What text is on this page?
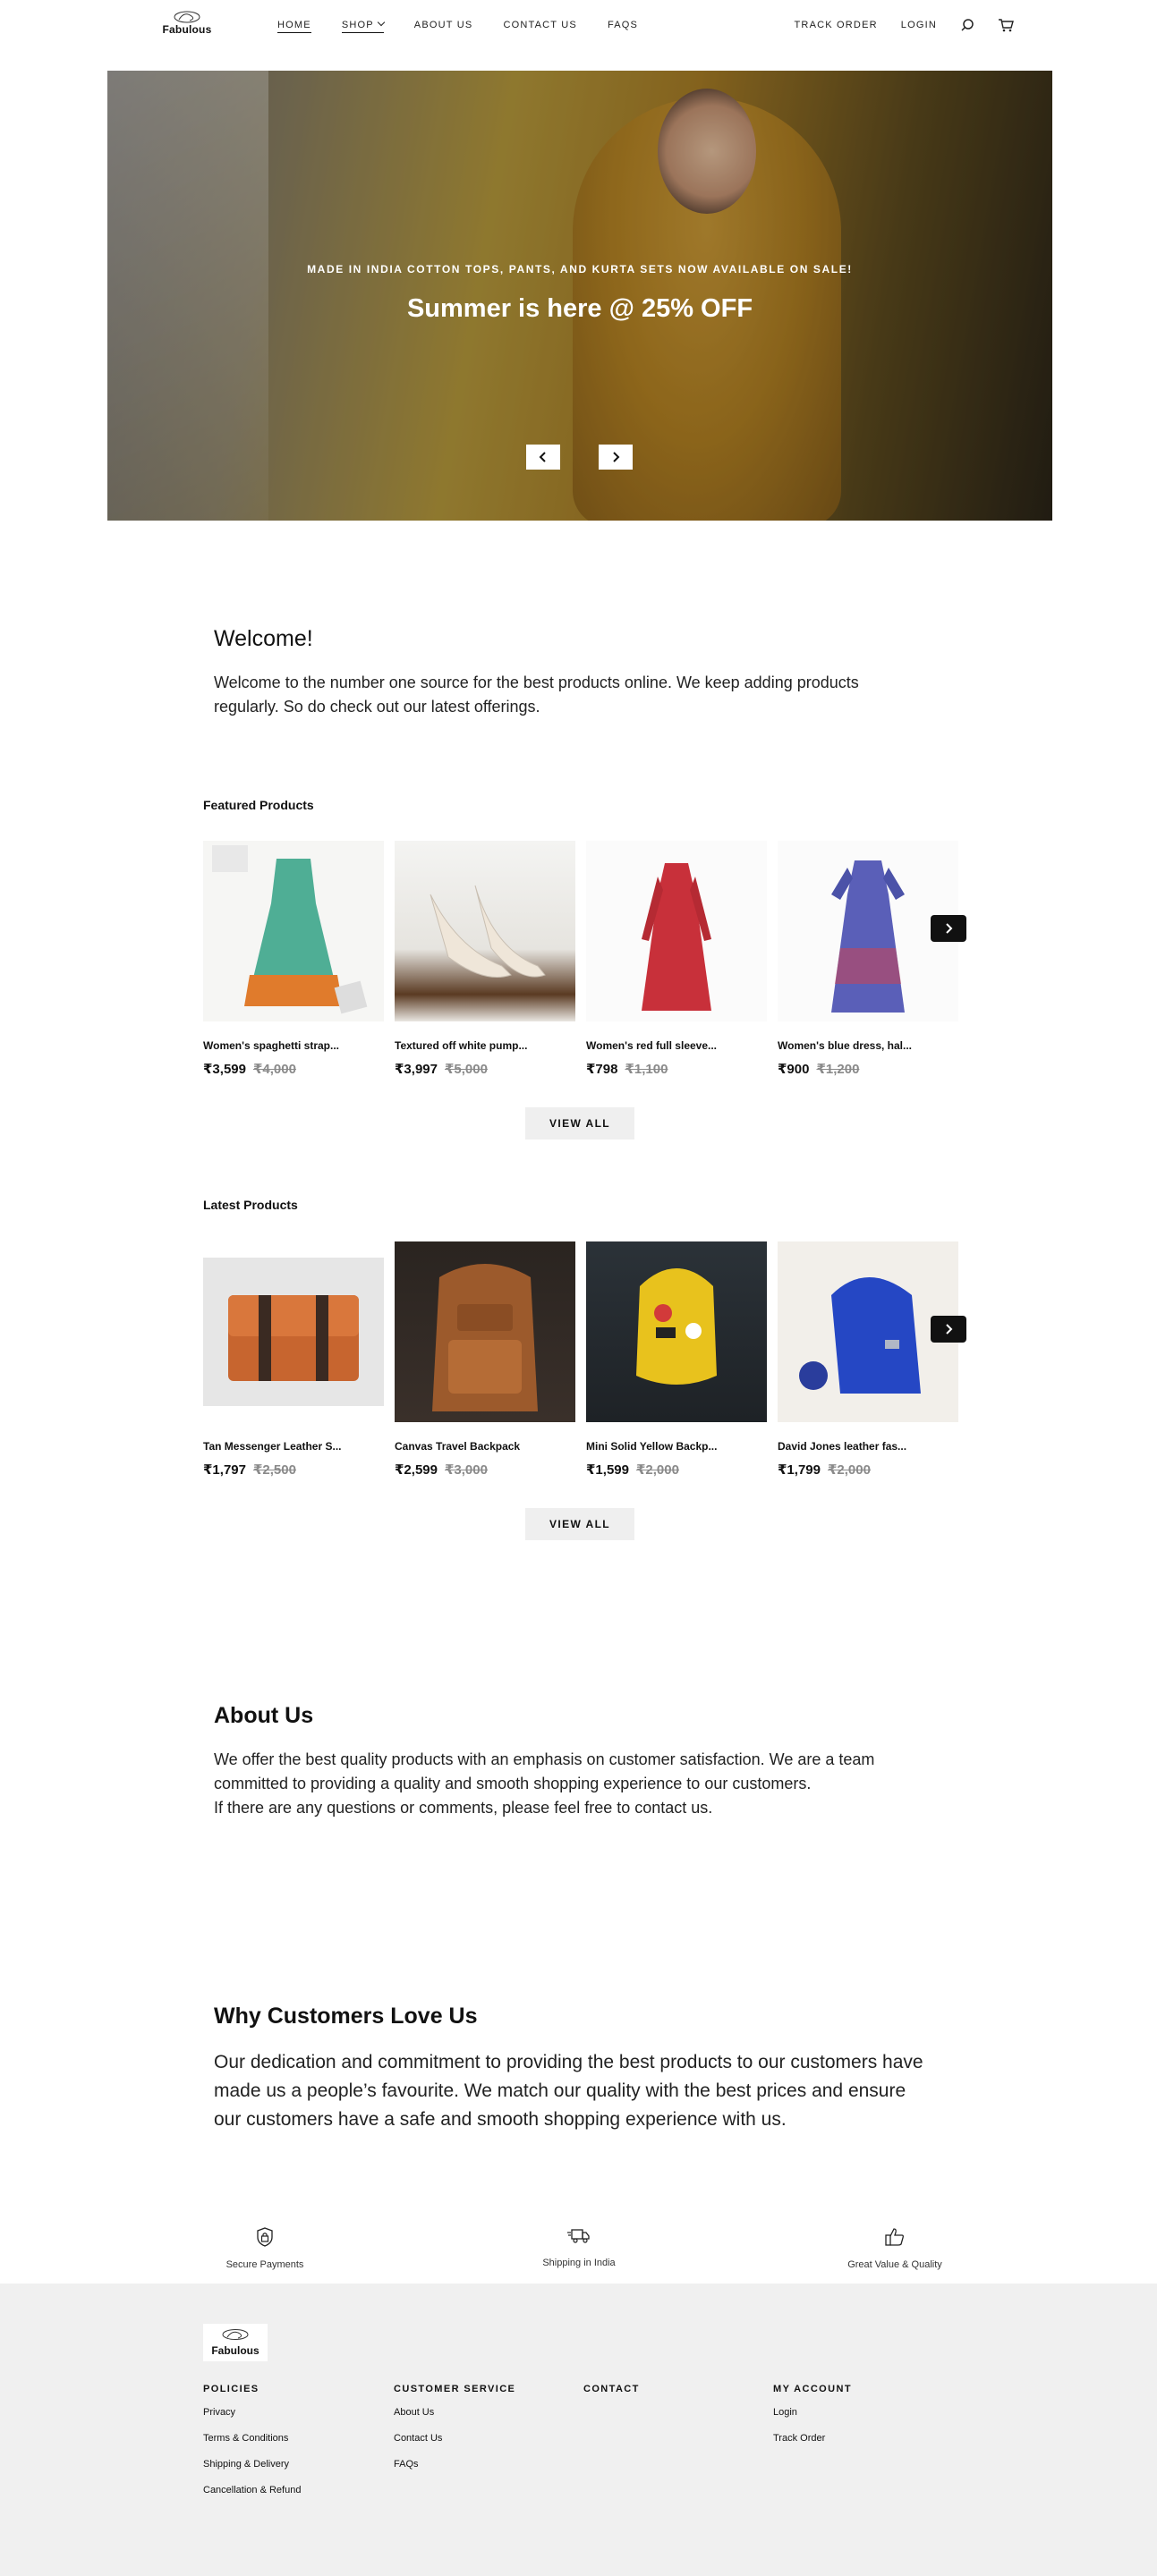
Fabulous	HOME	SHOP	ABOUT US	CONTACT US	FAQS	TRACK ORDER LOGIN
MADE IN INDIA COTTON TOPS, PANTS, AND KURTA SETS NOW AVAILABLE ON SALE!
Summer is here @ 25% OFF
Welcome!

Welcome to the number one source for the best products online. We keep adding products regularly. So do check out our latest offerings.

Featured Products
Women's spaghetti strap...
₹3,599 ₹4,000
Textured off white pump...
₹3,997 ₹5,000
Women's red full sleeve...
₹798 ₹1,100
Women's blue dress, hal...
₹900 ₹1,200
VIEW ALL
Latest Products
Tan Messenger Leather S...
₹1,797 ₹2,500
Canvas Travel Backpack
₹2,599 ₹3,000
Mini Solid Yellow Backp...
₹1,599 ₹2,000
David Jones leather fas...
₹1,799 ₹2,000
VIEW ALL
About Us

We offer the best quality products with an emphasis on customer satisfaction. We are a team committed to providing a quality and smooth shopping experience to our customers.

If there are any questions or comments, please feel free to contact us.

Why Customers Love Us

Our dedication and commitment to providing the best products to our customers have made us a people’s favourite. We match our quality with the best prices and ensure our customers have a safe and smooth shopping experience with us.

Secure Payments	Shipping in India	Great Value & Quality
Fabulous
POLICIES
Privacy
Terms & Conditions
Shipping & Delivery
Cancellation & Refund
CUSTOMER SERVICE
About Us
Contact Us
FAQs
CONTACT	MY ACCOUNT
Login
Track Order
